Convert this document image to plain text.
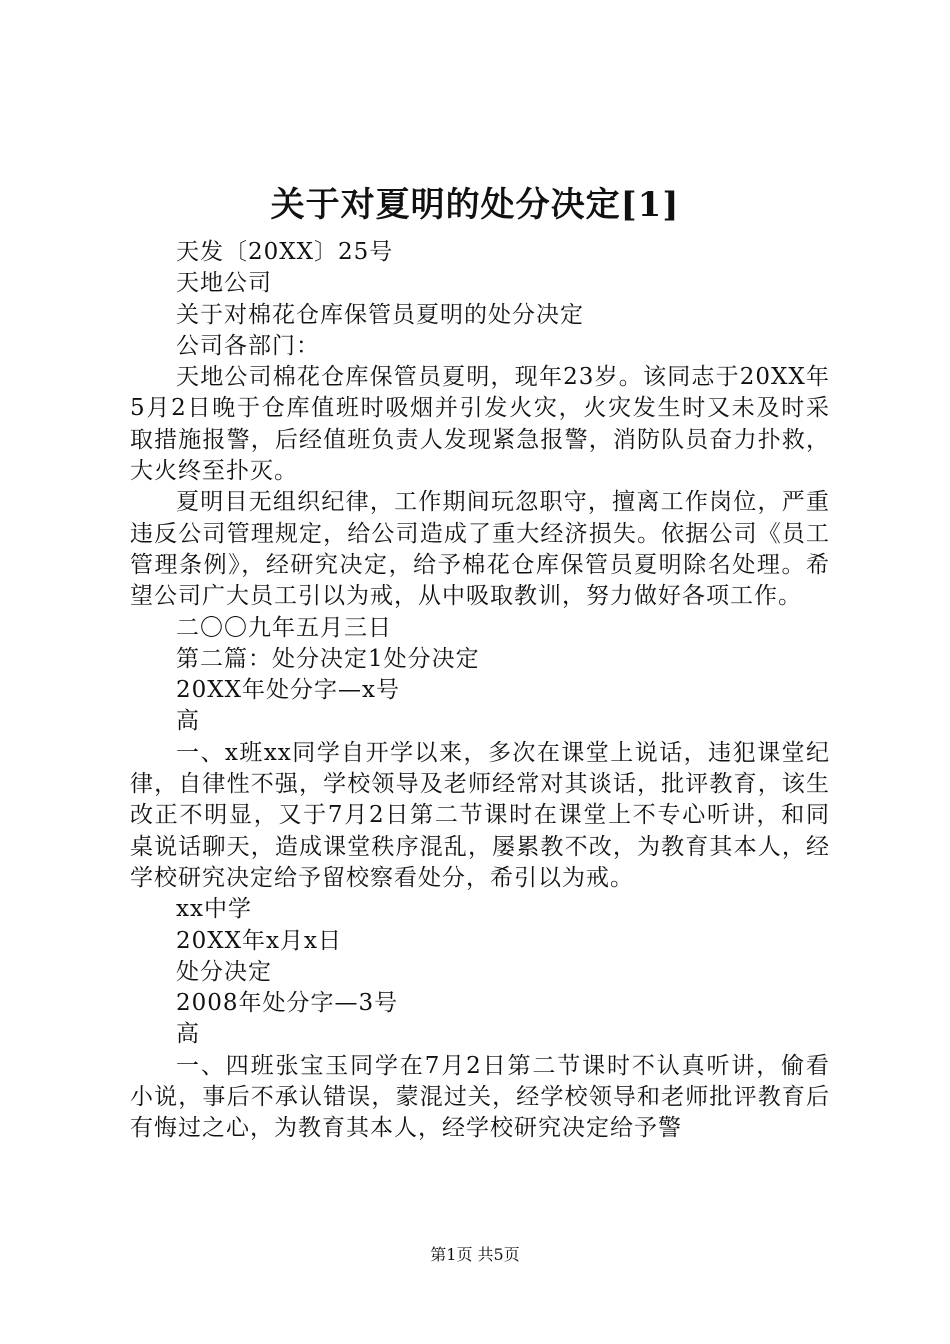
关于对夏明的处分决定[1]

天发〔20XX〕25号

天地公司

关于对棉花仓库保管员夏明的处分决定

公司各部门：

天地公司棉花仓库保管员夏明，现年23岁。该同志于20XX年5月2日晚于仓库值班时吸烟并引发火灾，火灾发生时又未及时采取措施报警，后经值班负责人发现紧急报警，消防队员奋力扑救，大火终至扑灭。

夏明目无组织纪律，工作期间玩忽职守，擅离工作岗位，严重违反公司管理规定，给公司造成了重大经济损失。依据公司《员工管理条例》，经研究决定，给予棉花仓库保管员夏明除名处理。希望公司广大员工引以为戒，从中吸取教训，努力做好各项工作。

二〇〇九年五月三日

第二篇：处分决定1处分决定

20XX年处分字—x号

高

一、x班xx同学自开学以来，多次在课堂上说话，违犯课堂纪律，自律性不强，学校领导及老师经常对其谈话，批评教育，该生改正不明显，又于7月2日第二节课时在课堂上不专心听讲，和同桌说话聊天，造成课堂秩序混乱，屡累教不改，为教育其本人，经学校研究决定给予留校察看处分，希引以为戒。

xx中学

20XX年x月x日

处分决定

2008年处分字—3号

高

一、四班张宝玉同学在7月2日第二节课时不认真听讲，偷看小说，事后不承认错误，蒙混过关，经学校领导和老师批评教育后有悔过之心，为教育其本人，经学校研究决定给予警

第1页 共5页
